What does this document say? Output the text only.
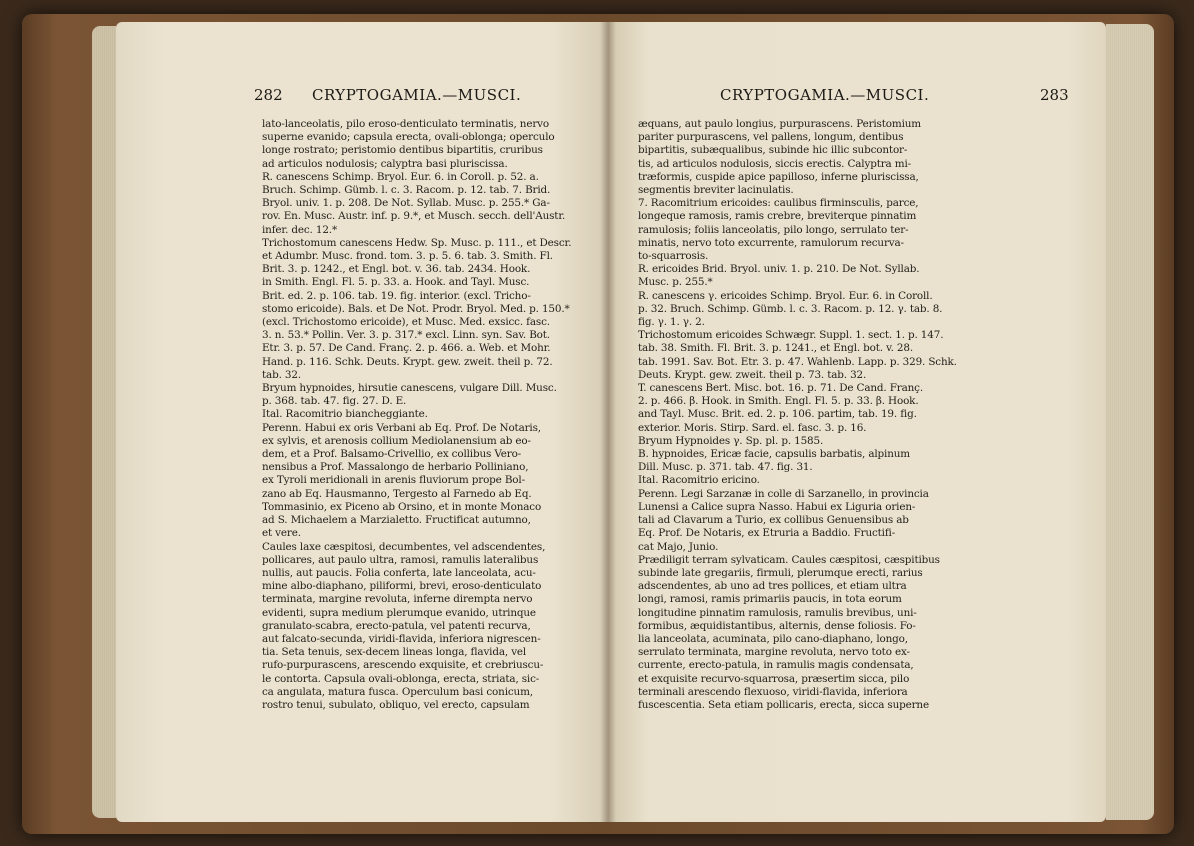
282 CRYPTOGAMIA.—MUSCI.
lato-lanceolatis, pilo eroso-denticulato terminatis, nervo
superne evanido; capsula erecta, ovali-oblonga; operculo
longe rostrato; peristomio dentibus bipartitis, cruribus
ad articulos nodulosis; calyptra basi pluriscissa.
R. canescens Schimp. Bryol. Eur. 6. in Coroll. p. 52. a.
Bruch. Schimp. Gümb. l. c. 3. Racom. p. 12. tab. 7. Brid.
Bryol. univ. 1. p. 208. De Not. Syllab. Musc. p. 255.* Ga-
rov. En. Musc. Austr. inf. p. 9.*, et Musch. secch. dell'Austr.
infer. dec. 12.*
Trichostomum canescens Hedw. Sp. Musc. p. 111., et Descr.
et Adumbr. Musc. frond. tom. 3. p. 5. 6. tab. 3. Smith. Fl.
Brit. 3. p. 1242., et Engl. bot. v. 36. tab. 2434. Hook.
in Smith. Engl. Fl. 5. p. 33. a. Hook. and Tayl. Musc.
Brit. ed. 2. p. 106. tab. 19. fig. interior. (excl. Tricho-
stomo ericoide). Bals. et De Not. Prodr. Bryol. Med. p. 150.*
(excl. Trichostomo ericoide), et Musc. Med. exsicc. fasc.
3. n. 53.* Pollin. Ver. 3. p. 317.* excl. Linn. syn. Sav. Bot.
Etr. 3. p. 57. De Cand. Franç. 2. p. 466. a. Web. et Mohr.
Hand. p. 116. Schk. Deuts. Krypt. gew. zweit. theil p. 72.
tab. 32.
Bryum hypnoides, hirsutie canescens, vulgare Dill. Musc.
p. 368. tab. 47. fig. 27. D. E.
Ital. Racomitrio biancheggiante.
Perenn. Habui ex oris Verbani ab Eq. Prof. De Notaris,
ex sylvis, et arenosis collium Mediolanensium ab eo-
dem, et a Prof. Balsamo-Crivellio, ex collibus Vero-
nensibus a Prof. Massalongo de herbario Polliniano,
ex Tyroli meridionali in arenis fluviorum prope Bol-
zano ab Eq. Hausmanno, Tergesto al Farnedo ab Eq.
Tommasinio, ex Piceno ab Orsino, et in monte Monaco
ad S. Michaelem a Marzialetto. Fructificat autumno,
et vere.
Caules laxe cæspitosi, decumbentes, vel adscendentes,
pollicares, aut paulo ultra, ramosi, ramulis lateralibus
nullis, aut paucis. Folia conferta, late lanceolata, acu-
mine albo-diaphano, piliformi, brevi, eroso-denticulato
terminata, margine revoluta, inferne dirempta nervo
evidenti, supra medium plerumque evanido, utrinque
granulato-scabra, erecto-patula, vel patenti recurva,
aut falcato-secunda, viridi-flavida, inferiora nigrescen-
tia. Seta tenuis, sex-decem lineas longa, flavida, vel
rufo-purpurascens, arescendo exquisite, et crebriuscu-
le contorta. Capsula ovali-oblonga, erecta, striata, sic-
ca angulata, matura fusca. Operculum basi conicum,
rostro tenui, subulato, obliquo, vel erecto, capsulam
CRYPTOGAMIA.—MUSCI.	283
æquans, aut paulo longius, purpurascens. Peristomium
pariter purpurascens, vel pallens, longum, dentibus
bipartitis, subæqualibus, subinde hic illic subcontor-
tis, ad articulos nodulosis, siccis erectis. Calyptra mi-
træformis, cuspide apice papilloso, inferne pluriscissa,
segmentis breviter lacinulatis.
7. Racomitrium ericoides: caulibus firminsculis, parce,
longeque ramosis, ramis crebre, breviterque pinnatim
ramulosis; foliis lanceolatis, pilo longo, serrulato ter-
minatis, nervo toto excurrente, ramulorum recurva-
to-squarrosis.
R. ericoides Brid. Bryol. univ. 1. p. 210. De Not. Syllab.
Musc. p. 255.*
R. canescens γ. ericoides Schimp. Bryol. Eur. 6. in Coroll.
p. 32. Bruch. Schimp. Gümb. l. c. 3. Racom. p. 12. γ. tab. 8.
fig. γ. 1. γ. 2.
Trichostomum ericoides Schwægr. Suppl. 1. sect. 1. p. 147.
tab. 38. Smith. Fl. Brit. 3. p. 1241., et Engl. bot. v. 28.
tab. 1991. Sav. Bot. Etr. 3. p. 47. Wahlenb. Lapp. p. 329. Schk.
Deuts. Krypt. gew. zweit. theil p. 73. tab. 32.
T. canescens Bert. Misc. bot. 16. p. 71. De Cand. Franç.
2. p. 466. β. Hook. in Smith. Engl. Fl. 5. p. 33. β. Hook.
and Tayl. Musc. Brit. ed. 2. p. 106. partim, tab. 19. fig.
exterior. Moris. Stirp. Sard. el. fasc. 3. p. 16.
Bryum Hypnoides γ. Sp. pl. p. 1585.
B. hypnoides, Ericæ facie, capsulis barbatis, alpinum
Dill. Musc. p. 371. tab. 47. fig. 31.
Ital. Racomitrio ericino.
Perenn. Legi Sarzanæ in colle di Sarzanello, in provincia
Lunensi a Calice supra Nasso. Habui ex Liguria orien-
tali ad Clavarum a Turio, ex collibus Genuensibus ab
Eq. Prof. De Notaris, ex Etruria a Baddio. Fructifi-
cat Majo, Junio.
Prædiligit terram sylvaticam. Caules cæspitosi, cæspitibus
subinde late gregariis, firmuli, plerumque erecti, rarius
adscendentes, ab uno ad tres pollices, et etiam ultra
longi, ramosi, ramis primariis paucis, in tota eorum
longitudine pinnatim ramulosis, ramulis brevibus, uni-
formibus, æquidistantibus, alternis, dense foliosis. Fo-
lia lanceolata, acuminata, pilo cano-diaphano, longo,
serrulato terminata, margine revoluta, nervo toto ex-
currente, erecto-patula, in ramulis magis condensata,
et exquisite recurvo-squarrosa, præsertim sicca, pilo
terminali arescendo flexuoso, viridi-flavida, inferiora
fuscescentia. Seta etiam pollicaris, erecta, sicca superne
